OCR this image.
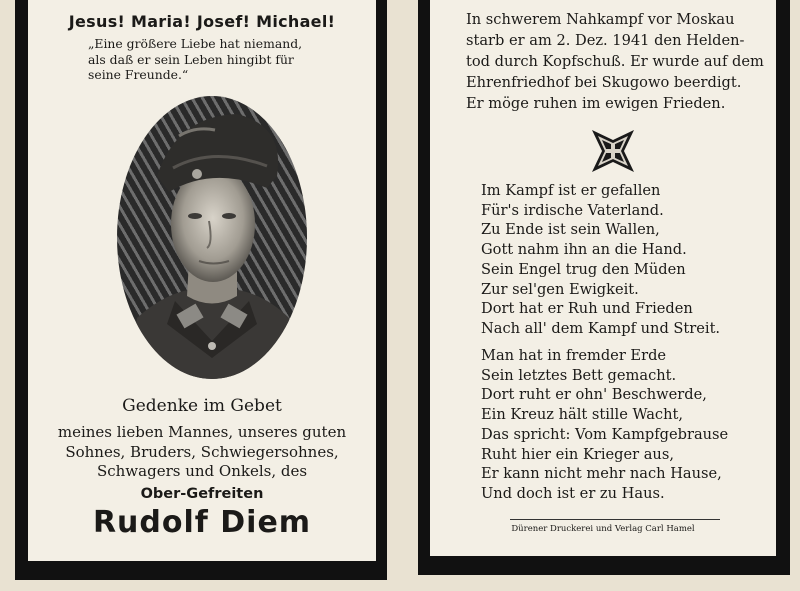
Jesus! Maria! Josef! Michael!
„Eine größere Liebe hat niemand,
als daß er sein Leben hingibt für
seine Freunde.“
Gedenke im Gebet
meines lieben Mannes, unseres guten
Sohnes, Bruders, Schwiegersohnes,
Schwagers und Onkels, des
Ober-Gefreiten
Rudolf Diem
In schwerem Nahkampf vor Moskau
starb er am 2. Dez. 1941 den Helden-
tod durch Kopfschuß. Er wurde auf dem
Ehrenfriedhof bei Skugowo beerdigt.
Er möge ruhen im ewigen Frieden.
Im Kampf ist er gefallen
Für's irdische Vaterland.
Zu Ende ist sein Wallen,
Gott nahm ihn an die Hand.
Sein Engel trug den Müden
Zur sel'gen Ewigkeit.
Dort hat er Ruh und Frieden
Nach all' dem Kampf und Streit.
Man hat in fremder Erde
Sein letztes Bett gemacht.
Dort ruht er ohn' Beschwerde,
Ein Kreuz hält stille Wacht,
Das spricht: Vom Kampfgebrause
Ruht hier ein Krieger aus,
Er kann nicht mehr nach Hause,
Und doch ist er zu Haus.
Dürener Druckerei und Verlag Carl Hamel
